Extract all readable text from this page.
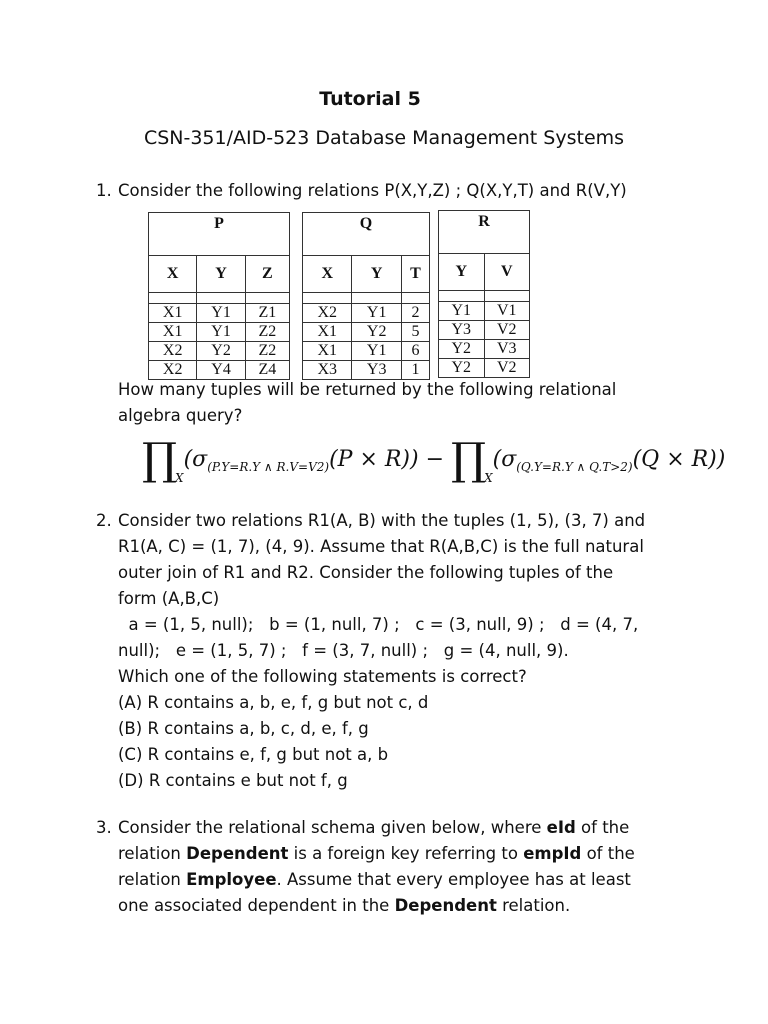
Tutorial 5
CSN-351/AID-523 Database Management Systems
1. Consider the following relations P(X,Y,Z) ; Q(X,Y,T) and R(V,Y)
P		
X	Y	Z

X1	Y1	Z1
X1	Y1	Z2
X2	Y2	Z2
X2	Y4	Z4
Q		
X	Y	T

X2	Y1	2
X1	Y2	5
X1	Y1	6
X3	Y3	1
R	
Y	V

Y1	V1
Y3	V2
Y2	V3
Y2	V2
How many tuples will be returned by the following relational
algebra query?
$\prod_X(\sigma_{(P.Y=R.Y \wedge R.V=V2)}(P \times R))$ − $\prod_X(\sigma_{(Q.Y=R.Y \wedge Q.T>2)}(Q \times R))$
2. Consider two relations R1(A, B) with the tuples (1, 5), (3, 7) and
R1(A, C) = (1, 7), (4, 9). Assume that R(A,B,C) is the full natural
outer join of R1 and R2. Consider the following tuples of the
form (A,B,C)
a = (1, 5, null);   b = (1, null, 7) ;   c = (3, null, 9) ;   d = (4, 7,
null);   e = (1, 5, 7) ;   f = (3, 7, null) ;   g = (4, null, 9).
Which one of the following statements is correct?
(A) R contains a, b, e, f, g but not c, d
(B) R contains a, b, c, d, e, f, g
(C) R contains e, f, g but not a, b
(D) R contains e but not f, g
3. Consider the relational schema given below, where eId of the
relation Dependent is a foreign key referring to empId of the
relation Employee. Assume that every employee has at least
one associated dependent in the Dependent relation.
